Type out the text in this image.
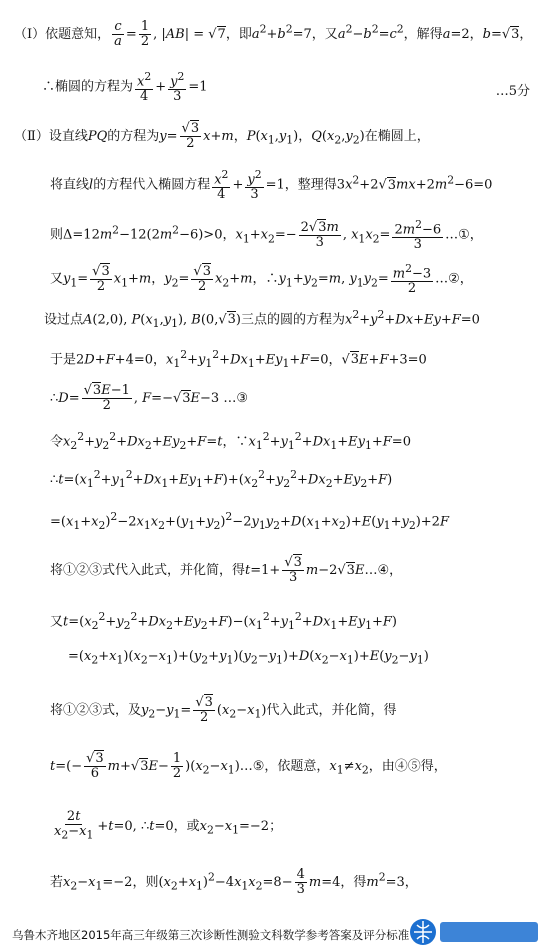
（Ⅰ）依题意知， $\frac{c}{a} = \frac{1}{2}$ , |AB| = √7，即$a^2+b^2=7$，又$a^2-b^2=c^2$，解得a=2，b=√3，
∴椭圆的方程为 $\frac{x^2}{4} + \frac{y^2}{3} =1$	…5分
（Ⅱ）设直线PQ的方程为$y= \frac{√3}{2} x+m$，$P(x_1,y_1)$，$Q(x_2,y_2)$在椭圆上，
将直线l的方程代入椭圆方程 $\frac{x^2}{4} + \frac{y^2}{3} =1$，整理得$3x^2+2√3mx+2m^2-6=0$
则$\Delta=12m^2-12(2m^2-6)>0$，$x_1+x_2=- \frac{2√3m}{3}$ , $x_1x_2= \frac{2m^2-6}{3}$ …①，
又$y_1= \frac{√3}{2} x_1+m$，$y_2= \frac{√3}{2} x_2+m$，$\therefore y_1+y_2=m$, $y_1y_2= \frac{m^2-3}{2}$ …②，
设过点A(2,0), $P(x_1,y_1)$, B(0,√3)三点的圆的方程为$x^2+y^2+Dx+Ey+F=0$
于是2D+F+4=0，$x_1^2+y_1^2+Dx_1+Ey_1+F=0$，√3E+F+3=0
∴D= $\frac{√3E-1}{2}$ , F=−√3E−3 …③
令$x_2^2+y_2^2+Dx_2+Ey_2+F=t$，$\because x_1^2+y_1^2+Dx_1+Ey_1+F=0$
$\therefore t=(x_1^2+y_1^2+Dx_1+Ey_1+F)+(x_2^2+y_2^2+Dx_2+Ey_2+F)$
$=(x_1+x_2)^2-2x_1x_2+(y_1+y_2)^2-2y_1y_2+D(x_1+x_2)+E(y_1+y_2)+2F$
将①②③式代入此式，并化简，得$t=1+ \frac{√3}{3}$ m−2√3E…④，
又$t=(x_2^2+y_2^2+Dx_2+Ey_2+F)-(x_1^2+y_1^2+Dx_1+Ey_1+F)$
$=(x_2+x_1)(x_2-x_1)+(y_2+y_1)(y_2-y_1)+D(x_2-x_1)+E(y_2-y_1)$
将①②③式，及$y_2-y_1= \frac{√3}{2} (x_2-x_1)$代入此式，并化简，得
$t=(- \frac{√3}{6} m+√3E- \frac{1}{2}$ )$(x_2-x_1)\dots ⑤$，依题意，$x_1\ne x_2$，由④⑤得，
$\frac{2t}{x_2-x_1} +t=0$, ∴t=0，或$x_2-x_1=-2$；
若$x_2-x_1=-2$，则$(x_2+x_1)^2-4x_1x_2=8- \frac{4}{3} m=4$，得$m^2=3$，
乌鲁木齐地区2015年高三年级第三次诊断性测验文科数学参考答案及评分标准
